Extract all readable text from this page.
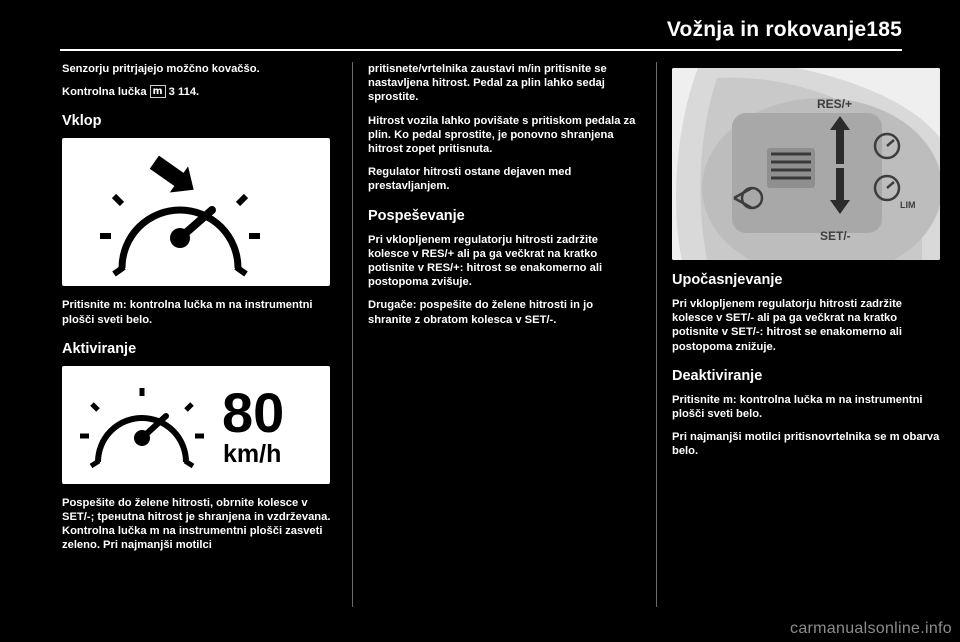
Vožnja in rokovanje185

Senzorju pritrjajejo možčno kovačšo.

Kontrolna lučka m 3 114.

Vklop

Pritisnite m: kontrolna lučka m na instrumentni plošči sveti belo.

Aktiviranje
80
km/h

Pospešite do želene hitrosti, obrnite kolesce v SET/-; tренutna hitrost je shranjena in vzdrževana. Kontrolna lučka m na instrumentni plošči zasveti zeleno. Pri najmanjši motilci

pritisnete/vrtelnika zaustavi m/in pritisnite se nastavljena hitrost. Pedal za plin lahko sedaj sprostite.

Hitrost vozila lahko povišate s pritiskom pedala za plin. Ko pedal sprostite, je ponovno shranjena hitrost zopet pritisnuta.

Regulator hitrosti ostane dejaven med prestavljanjem.

Pospeševanje

Pri vklopljenem regulatorju hitrosti zadržite kolesce v RES/+ ali pa ga večkrat na kratko potisnite v RES/+: hitrost se enakomerno ali postopoma zvišuje.

Drugače: pospešite do želene hitrosti in jo shranite z obratom kolesca v SET/-.

RES/+
SET/-
LIM
Upočasnjevanje

Pri vklopljenem regulatorju hitrosti zadržite kolesce v SET/- ali pa ga večkrat na kratko potisnite v SET/-: hitrost se enakomerno ali postopoma znižuje.

Deaktiviranje

Pritisnite m: kontrolna lučka m na instrumentni plošči sveti belo.

Pri najmanjši motilci pritisnovrtelnika se m obarva belo.

carmanualsonline.info
